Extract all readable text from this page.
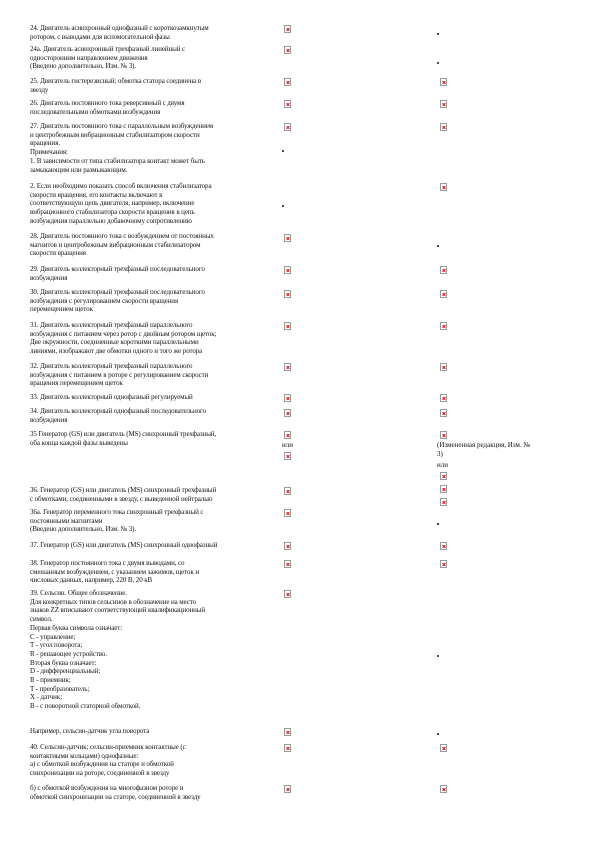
24. Двигатель асинхронный однофазный с короткозамкнутым
ротором, с выводами для вспомогательной фазы
24а. Двигатель асинхронный трехфазный линейный с
односторонним направлением движения
(Введено дополнительно, Изм. № 3).
25. Двигатель гистерезисный; обмотка статора соединена в
звезду
26. Двигатель постоянного тока реверсивный с двумя
последовательными обмотками возбуждения
27. Двигатель постоянного тока с параллельным возбуждением
и центробежным вибрационным стабилизатором скорости
вращения.
Примечания:
1. В зависимости от типа стабилизатора контакт может быть
замыкающим или размыкающим.
2. Если необходимо показать способ включения стабилизатора
скорости вращения, его контакты включают в
соответствующую цепь двигателя, например, включение
вибрационного стабилизатора скорости вращения в цепь
возбуждения параллельно добавочному сопротивлению
28. Двигатель постоянного тока с возбуждением от постоянных
магнитов и центробежным вибрационным стабилизатором
скорости вращения
29. Двигатель коллекторный трехфазный последовательного
возбуждения
30. Двигатель коллекторный трехфазный последовательного
возбуждения с регулированием скорости вращения
перемещением щеток
31. Двигатель коллекторный трехфазный параллельного
возбуждения с питанием через ротор с двойным ротором щеток;
Две окружности, соединенные короткими параллельными
линиями, изображают две обмотки одного и того же ротора
32. Двигатель коллекторный трехфазный параллельного
возбуждения с питанием в роторе с регулированием скорости
вращения перемещением щеток
33. Двигатель коллекторный однофазный регулируемый
34. Двигатель коллекторный однофазный последовательного
возбуждения
35 Генератор (GS) или двигатель (MS) синхронный трехфазный,
оба конца каждой фазы выведены	или	(Измененная редакция, Изм. №
3)
или
36. Генератор (GS) или двигатель (MS) синхронный трехфазный
с обмотками, соединенными в звезду, с выведенной нейтралью
36а. Генератор переменного тока синхронный трехфазный с
постоянными магнитами
(Введено дополнительно, Изм. № 3).
37. Генератор (GS) или двигатель (MS) синхронный однофазный
38. Генератор постоянного тока с двумя выводами, со
смешанным возбуждением, с указанием зажимов, щеток и
числовых данных, например, 220 В, 20 кВ
39. Сельсин. Общее обозначение.
Для конкретных типов сельсинов в обозначение на место
знаков ZZ вписывают соответствующий квалификационный
символ.
Первая буква символа означает:
С - управление;
Т - угол поворота;
R - решающее устройство.
Вторая буква означает:
D - дифференциальный;
R - приемник;
T - преобразователь;
X - датчик;
B - с поворотной статорной обмоткой.
Например, сельсин-датчик угла поворота
40. Сельсин-датчик; сельсин-приемник контактные (с
контактными кольцами) однофазные:
а) с обмоткой возбуждения на статоре и обмоткой
синхронизации на роторе, соединенной в звезду
б) с обмоткой возбуждения на многофазном роторе и
обмоткой синхронизации на статоре, соединенной в звезду
